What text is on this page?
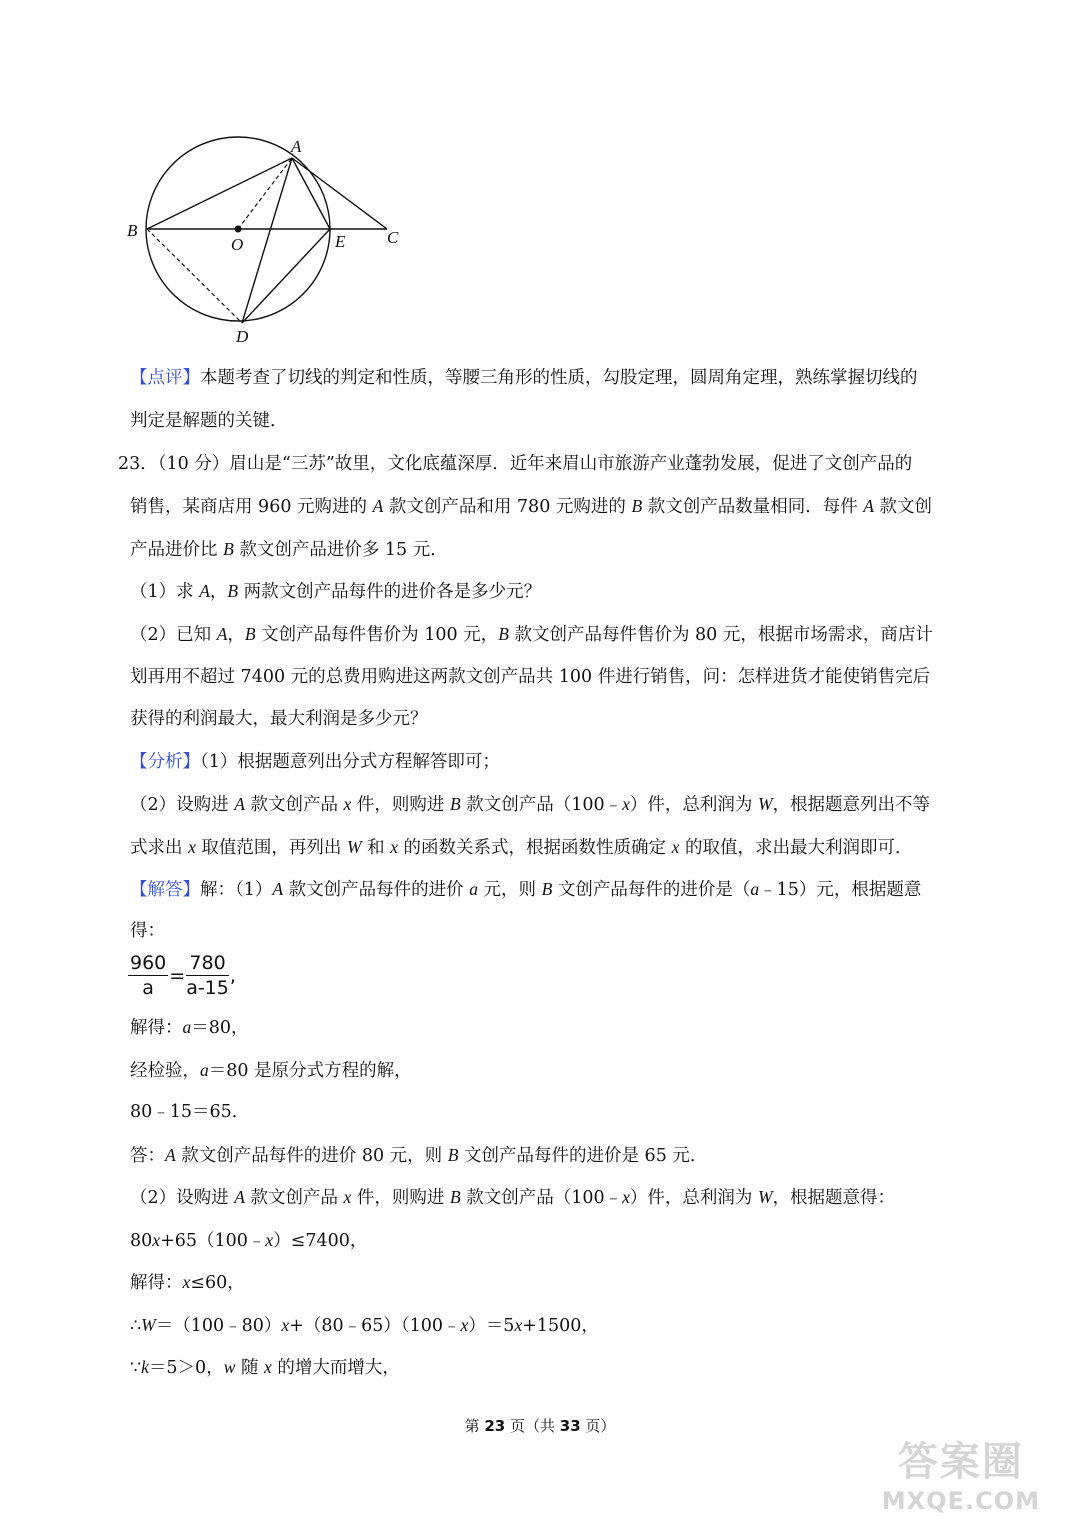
A
B
O	E C
D
【点评】本题考查了切线的判定和性质，等腰三角形的性质，勾股定理，圆周角定理，熟练掌握切线的
判定是解题的关键．
23．（10 分）眉山是“三苏”故里，文化底蕴深厚．近年来眉山市旅游产业蓬勃发展，促进了文创产品的
销售，某商店用 960 元购进的 A 款文创产品和用 780 元购进的 B 款文创产品数量相同．每件 A 款文创
产品进价比 B 款文创产品进价多 15 元．
（1）求 A，B 两款文创产品每件的进价各是多少元？
（2）已知 A，B 文创产品每件售价为 100 元，B 款文创产品每件售价为 80 元，根据市场需求，商店计
划再用不超过 7400 元的总费用购进这两款文创产品共 100 件进行销售，问：怎样进货才能使销售完后
获得的利润最大，最大利润是多少元？
【分析】（1）根据题意列出分式方程解答即可；
（2）设购进 A 款文创产品 x 件，则购进 B 款文创产品（100﹣x）件，总利润为 W，根据题意列出不等
式求出 x 取值范围，再列出 W 和 x 的函数关系式，根据函数性质确定 x 的取值，求出最大利润即可．
【解答】解：（1）A 款文创产品每件的进价 a 元，则 B 文创产品每件的进价是（a﹣15）元，根据题意
得：
$\frac{960}{a} = \frac{780}{a-15}$ ,
解得：a＝80，
经检验，a＝80 是原分式方程的解，
80﹣15＝65．
答：A 款文创产品每件的进价 80 元，则 B 文创产品每件的进价是 65 元．
（2）设购进 A 款文创产品 x 件，则购进 B 款文创产品（100﹣x）件，总利润为 W，根据题意得：
80x+65（100﹣x）≤7400，
解得：x≤60，
∴W＝（100﹣80）x+（80﹣65）（100﹣x）＝5x+1500，
∵k＝5＞0，w 随 x 的增大而增大，
第 23 页（共 33 页）
答案圈
MXQE.COM
